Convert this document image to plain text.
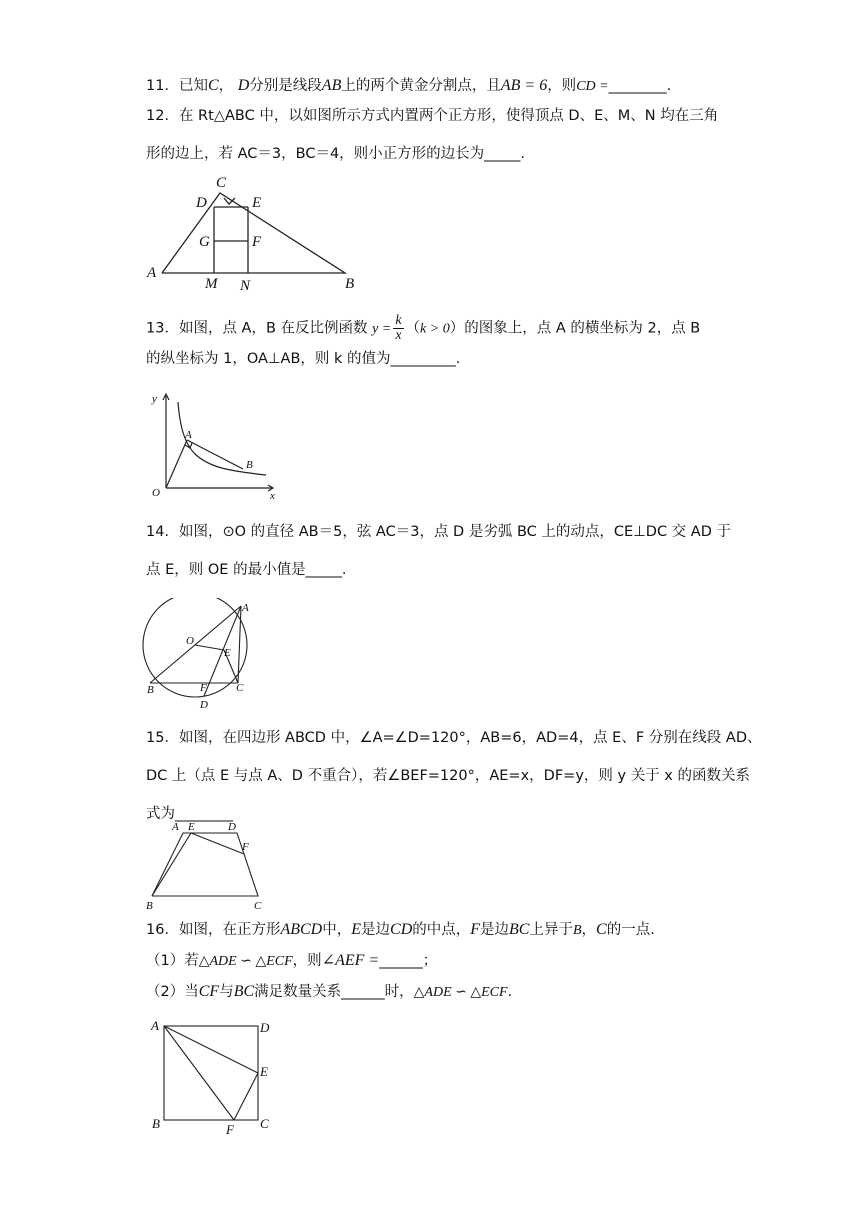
11．已知C， D分别是线段AB上的两个黄金分割点，且AB = 6，则CD =________.
12．在 Rt△ABC 中，以如图所示方式内置两个正方形，使得顶点 D、E、M、N 均在三角
形的边上，若 AC＝3，BC＝4，则小正方形的边长为_____.
C
D	E
G	F
A
M N	B
13．如图，点 A，B 在反比例函数 $y = \frac{k}{x} (k > 0)$的图象上，点 A 的横坐标为 2，点 B
的纵坐标为 1，OA⊥AB，则 k 的值为_________.
y
A
B
O	x
14．如图，⊙O 的直径 AB＝5，弦 AC＝3，点 D 是劣弧 BC 上的动点，CE⊥DC 交 AD 于
点 E，则 OE 的最小值是_____.
A
O
E
B	F	C
D
15．如图，在四边形 ABCD 中，∠A=∠D=120°，AB=6，AD=4，点 E、F 分别在线段 AD、
DC 上（点 E 与点 A、D 不重合），若∠BEF=120°，AE=x，DF=y，则 y 关于 x 的函数关系
式为________
A E	D
F
B	C
16．如图，在正方形ABCD中，E是边CD的中点，F是边BC上异于B，C的一点.
（1）若△ADE ∽ △ECF，则∠AEF =______；
（2）当CF与BC满足数量关系______时，△ADE ∽ △ECF.
A	D
E
B	F C
